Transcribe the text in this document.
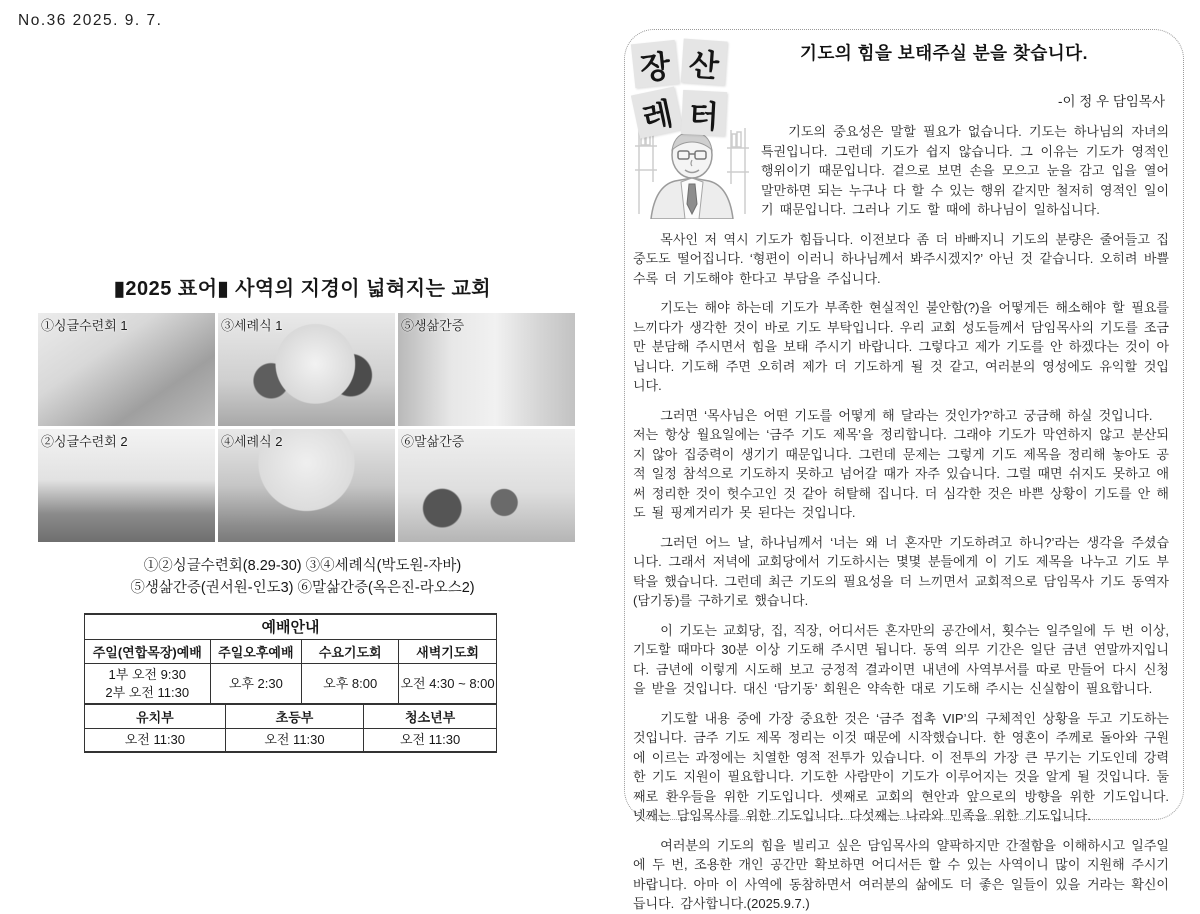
No.36 2025. 9. 7.
▮2025 표어▮ 사역의 지경이 넓혀지는 교회
①싱글수련회 1	③세례식 1	⑤생삶간증
②싱글수련회 2	④세례식 2	⑥말삶간증
①②싱글수련회(8.29-30) ③④세례식(박도원-자바)
⑤생삶간증(권서원-인도3) ⑥말삶간증(옥은진-라오스2)
예배안내
주일(연합목장)예배	주일오후예배	수요기도회	새벽기도회
1부 오전 9:30
2부 오전 11:30
오후 2:30	오후 8:00	오전 4:30 ~ 8:00
유치부	초등부	청소년부
오전 11:30	오전 11:30	오전 11:30
장 산
레 터
기도의 힘을 보태주실 분을 찾습니다.
-이 정 우 담임목사

기도의 중요성은 말할 필요가 없습니다. 기도는 하나님의 자녀의 특권입니다. 그런데 기도가 쉽지 않습니다. 그 이유는 기도가 영적인 행위이기 때문입니다. 겉으로 보면 손을 모으고 눈을 감고 입을 열어 말만하면 되는 누구나 다 할 수 있는 행위 같지만 철저히 영적인 일이기 때문입니다. 그러나 기도 할 때에 하나님이 일하십니다.

목사인 저 역시 기도가 힘듭니다. 이전보다 좀 더 바빠지니 기도의 분량은 줄어들고 집중도도 떨어집니다. ‘형편이 이러니 하나님께서 봐주시겠지?’ 아닌 것 같습니다. 오히려 바쁠수록 더 기도해야 한다고 부담을 주십니다.

기도는 해야 하는데 기도가 부족한 현실적인 불안함(?)을 어떻게든 해소해야 할 필요를 느끼다가 생각한 것이 바로 기도 부탁입니다. 우리 교회 성도들께서 담임목사의 기도를 조금만 분담해 주시면서 힘을 보태 주시기 바랍니다. 그렇다고 제가 기도를 안 하겠다는 것이 아닙니다. 기도해 주면 오히려 제가 더 기도하게 될 것 같고, 여러분의 영성에도 유익할 것입니다.

그러면 ‘목사님은 어떤 기도를 어떻게 해 달라는 것인가?’하고 궁금해 하실 것입니다.

저는 항상 월요일에는 ‘금주 기도 제목’을 정리합니다. 그래야 기도가 막연하지 않고 분산되지 않아 집중력이 생기기 때문입니다. 그런데 문제는 그렇게 기도 제목을 정리해 놓아도 공적 일정 참석으로 기도하지 못하고 넘어갈 때가 자주 있습니다. 그럴 때면 쉬지도 못하고 애써 정리한 것이 헛수고인 것 같아 허탈해 집니다. 더 심각한 것은 바쁜 상황이 기도를 안 해도 될 핑계거리가 못 된다는 것입니다.

그러던 어느 날, 하나님께서 ‘너는 왜 너 혼자만 기도하려고 하니?’라는 생각을 주셨습니다. 그래서 저녁에 교회당에서 기도하시는 몇몇 분들에게 이 기도 제목을 나누고 기도 부탁을 했습니다. 그런데 최근 기도의 필요성을 더 느끼면서 교회적으로 담임목사 기도 동역자(담기동)를 구하기로 했습니다.

이 기도는 교회당, 집, 직장, 어디서든 혼자만의 공간에서, 횟수는 일주일에 두 번 이상, 기도할 때마다 30분 이상 기도해 주시면 됩니다. 동역 의무 기간은 일단 금년 연말까지입니다. 금년에 이렇게 시도해 보고 긍정적 결과이면 내년에 사역부서를 따로 만들어 다시 신청을 받을 것입니다. 대신 ‘담기동’ 회원은 약속한 대로 기도해 주시는 신실함이 필요합니다.

기도할 내용 중에 가장 중요한 것은 ‘금주 접촉 VIP’의 구체적인 상황을 두고 기도하는 것입니다. 금주 기도 제목 정리는 이것 때문에 시작했습니다. 한 영혼이 주께로 돌아와 구원에 이르는 과정에는 치열한 영적 전투가 있습니다. 이 전투의 가장 큰 무기는 기도인데 강력한 기도 지원이 필요합니다. 기도한 사람만이 기도가 이루어지는 것을 알게 될 것입니다. 둘째로 환우들을 위한 기도입니다. 셋째로 교회의 현안과 앞으로의 방향을 위한 기도입니다. 넷째는 담임목사를 위한 기도입니다. 다섯째는 나라와 민족을 위한 기도입니다.

여러분의 기도의 힘을 빌리고 싶은 담임목사의 얄팍하지만 간절함을 이해하시고 일주일에 두 번, 조용한 개인 공간만 확보하면 어디서든 할 수 있는 사역이니 많이 지원해 주시기 바랍니다. 아마 이 사역에 동참하면서 여러분의 삶에도 더 좋은 일들이 있을 거라는 확신이 듭니다. 감사합니다.(2025.9.7.)
